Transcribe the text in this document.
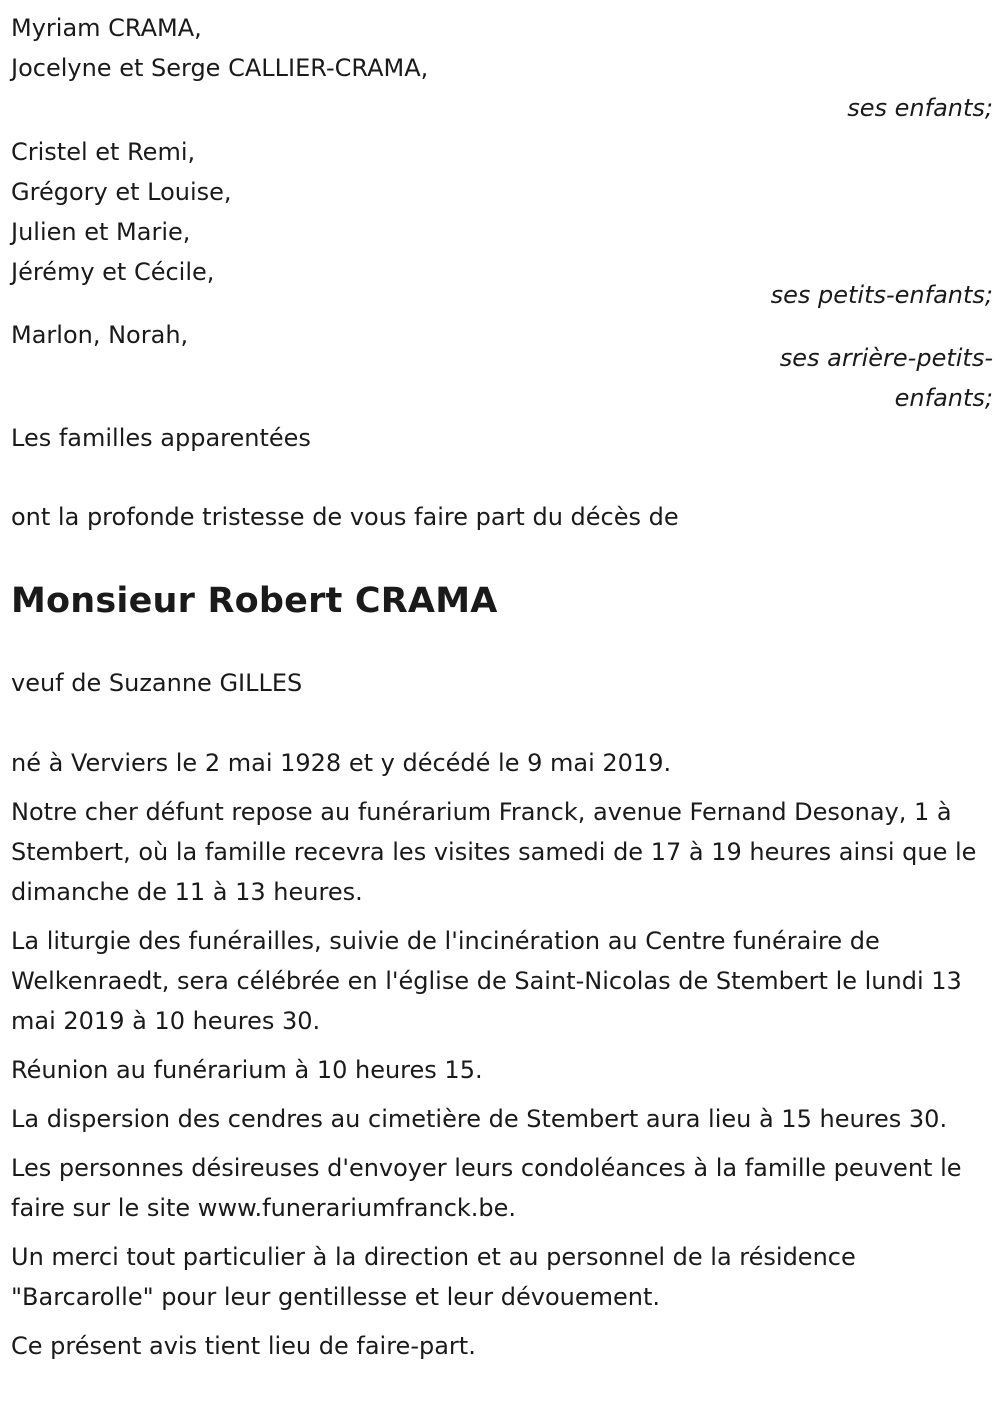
Myriam CRAMA,
Jocelyne et Serge CALLIER-CRAMA,
ses enfants;
Cristel et Remi,
Grégory et Louise,
Julien et Marie,
Jérémy et Cécile,
ses petits-enfants;
Marlon, Norah,
ses arrière-petits-
enfants;
Les familles apparentées
ont la profonde tristesse de vous faire part du décès de
Monsieur Robert CRAMA
veuf de Suzanne GILLES

né à Verviers le 2 mai 1928 et y décédé le 9 mai 2019.

Notre cher défunt repose au funérarium Franck, avenue Fernand Desonay, 1 à Stembert, où la famille recevra les visites samedi de 17 à 19 heures ainsi que le dimanche de 11 à 13 heures.

La liturgie des funérailles, suivie de l'incinération au Centre funéraire de Welkenraedt, sera célébrée en l'église de Saint-Nicolas de Stembert le lundi 13 mai 2019 à 10 heures 30.

Réunion au funérarium à 10 heures 15.

La dispersion des cendres au cimetière de Stembert aura lieu à 15 heures 30.

Les personnes désireuses d'envoyer leurs condoléances à la famille peuvent le faire sur le site www.funerariumfranck.be.

Un merci tout particulier à la direction et au personnel de la résidence "Barcarolle" pour leur gentillesse et leur dévouement.

Ce présent avis tient lieu de faire-part.
